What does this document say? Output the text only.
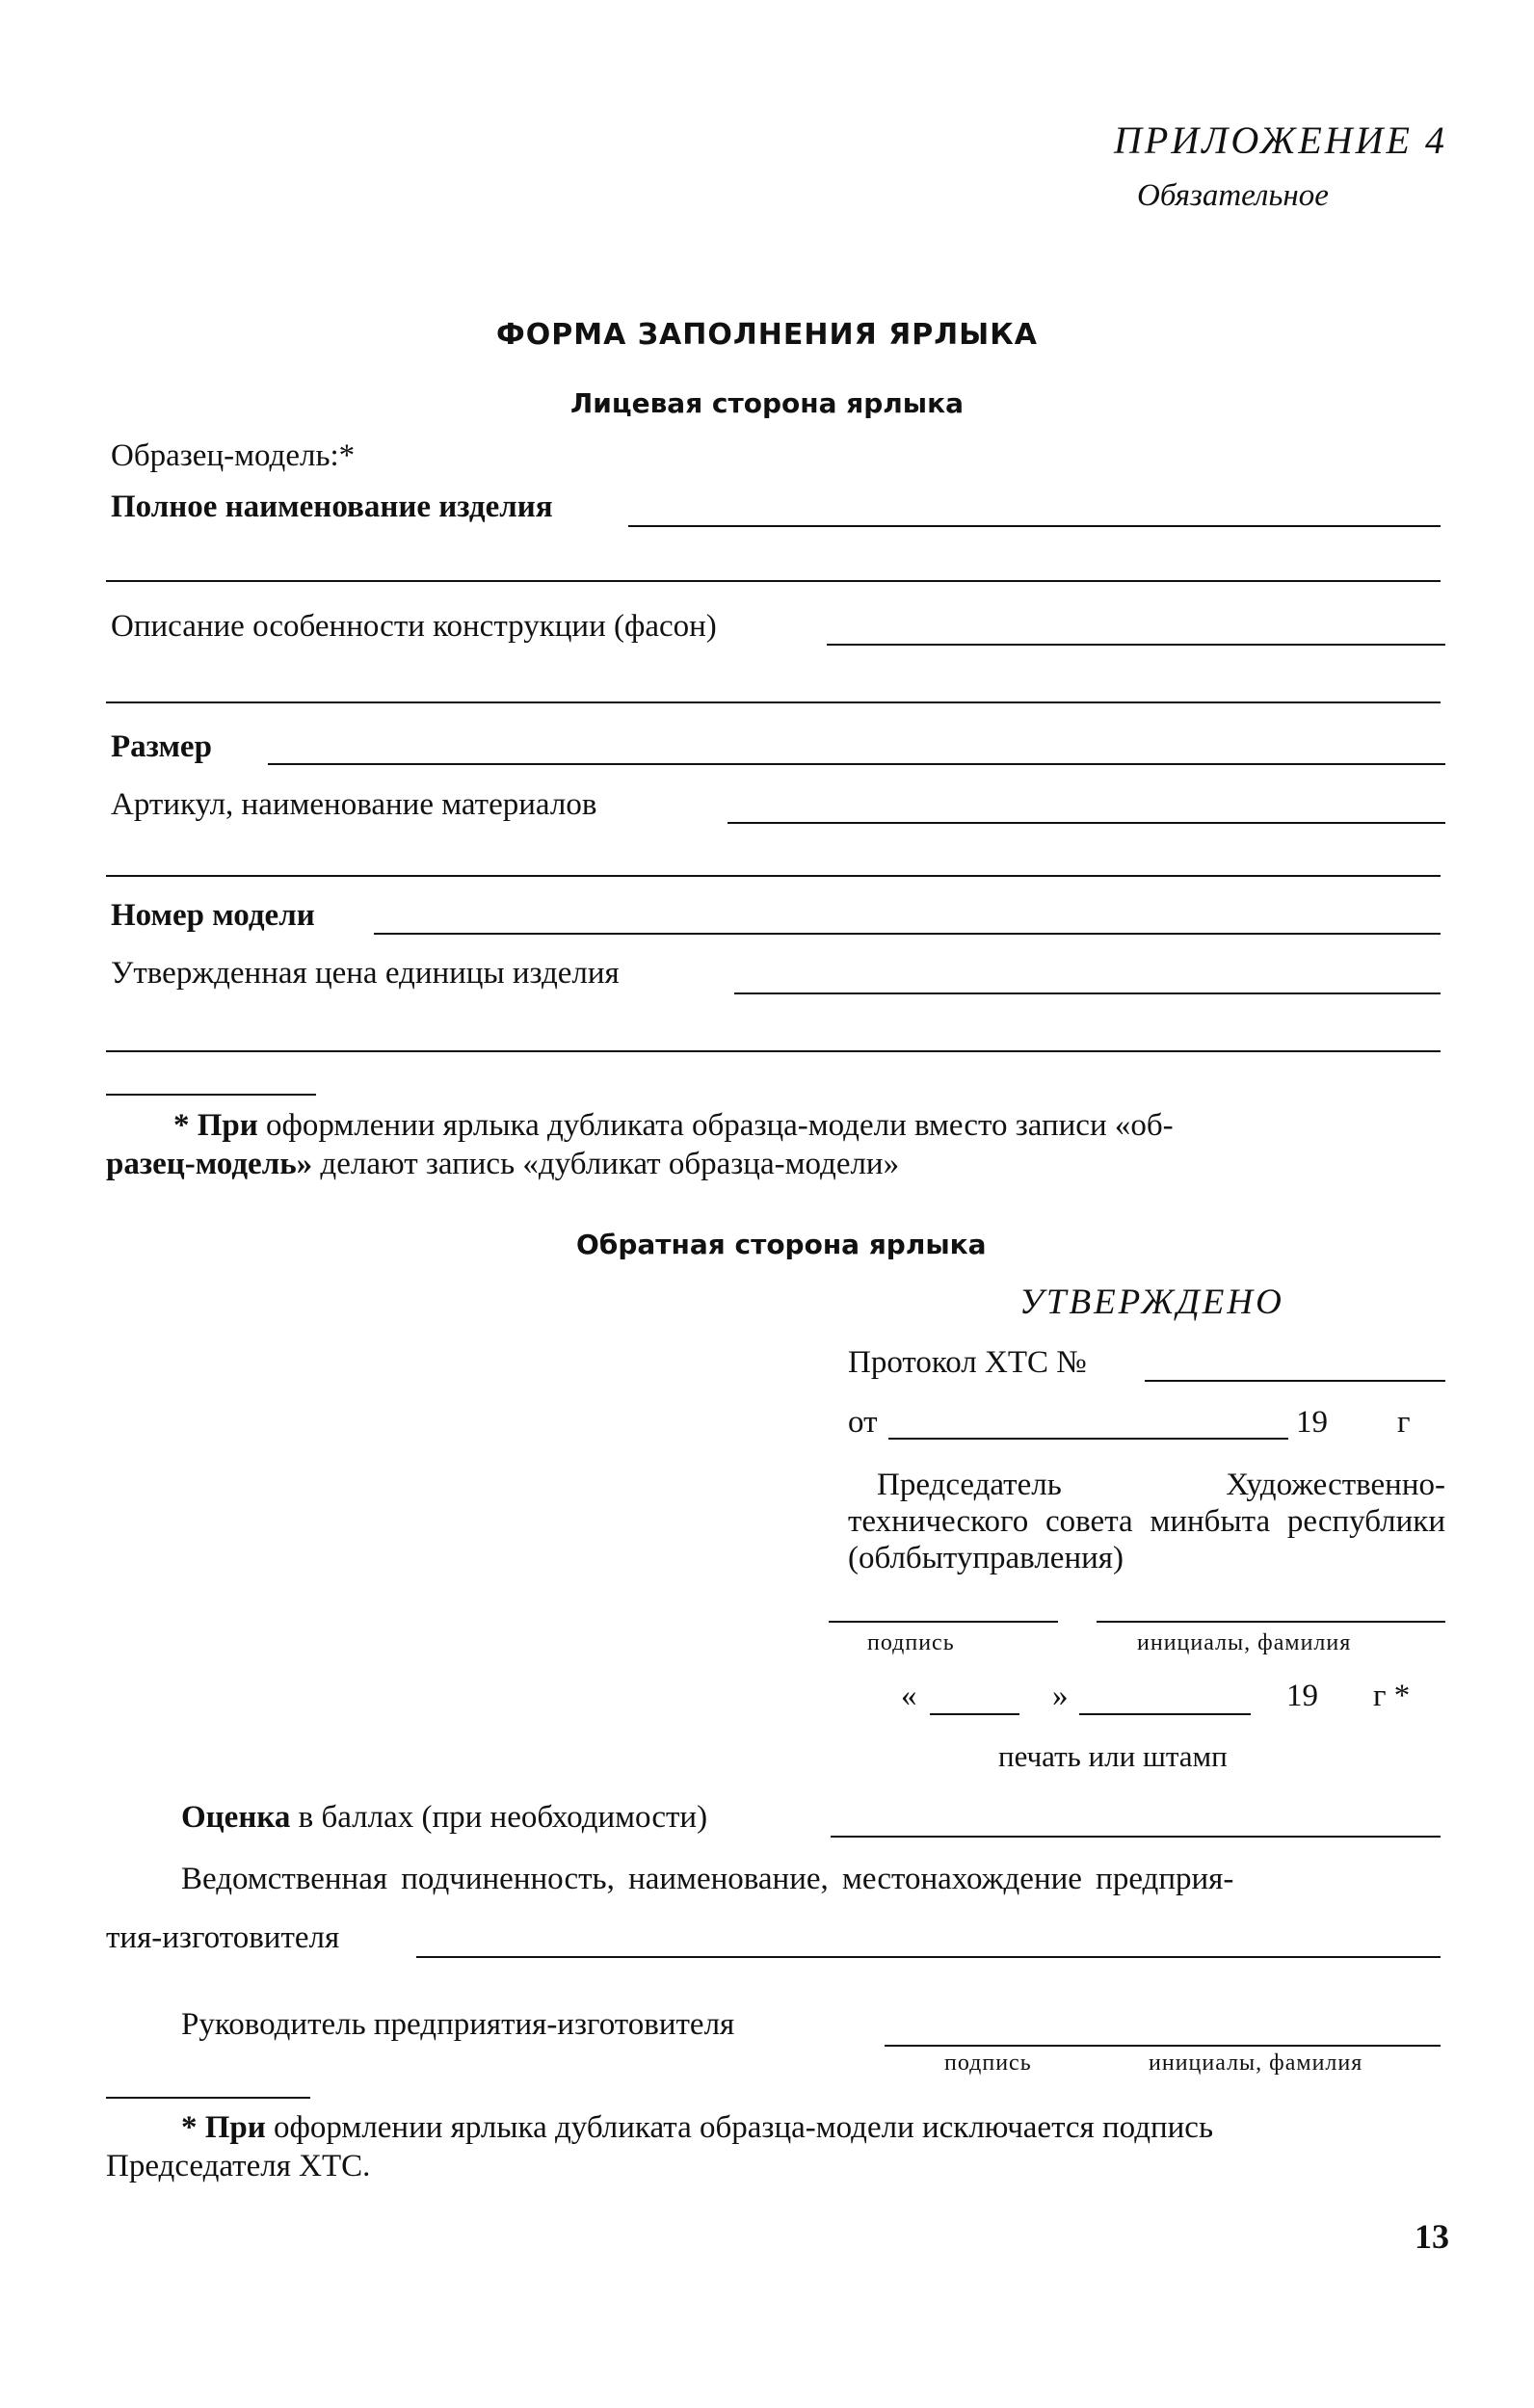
ПРИЛОЖЕНИЕ 4
Обязательное
ФОРМА ЗАПОЛНЕНИЯ ЯРЛЫКА
Лицевая сторона ярлыка
Образец-модель:*
Полное наименование изделия
Описание особенности конструкции (фасон)
Размер
Артикул, наименование материалов
Номер модели
Утвержденная цена единицы изделия
* При оформлении ярлыка дубликата образца-модели вместо записи «об-
разец-модель» делают запись «дубликат образца-модели»
Обратная сторона ярлыка
УТВЕРЖДЕНО
Протокол ХТС №
от	19 г
Председатель Художественно-технического совета минбыта республики (облбытуправления)
подпись	инициалы, фамилия
«	»	19 г *
печать или штамп
Оценка в баллах (при необходимости)
Ведомственная подчиненность, наименование, местонахождение предприя-
тия-изготовителя
Руководитель предприятия-изготовителя
подпись	инициалы, фамилия
* При оформлении ярлыка дубликата образца-модели исключается подпись
Председателя ХТС.
13
